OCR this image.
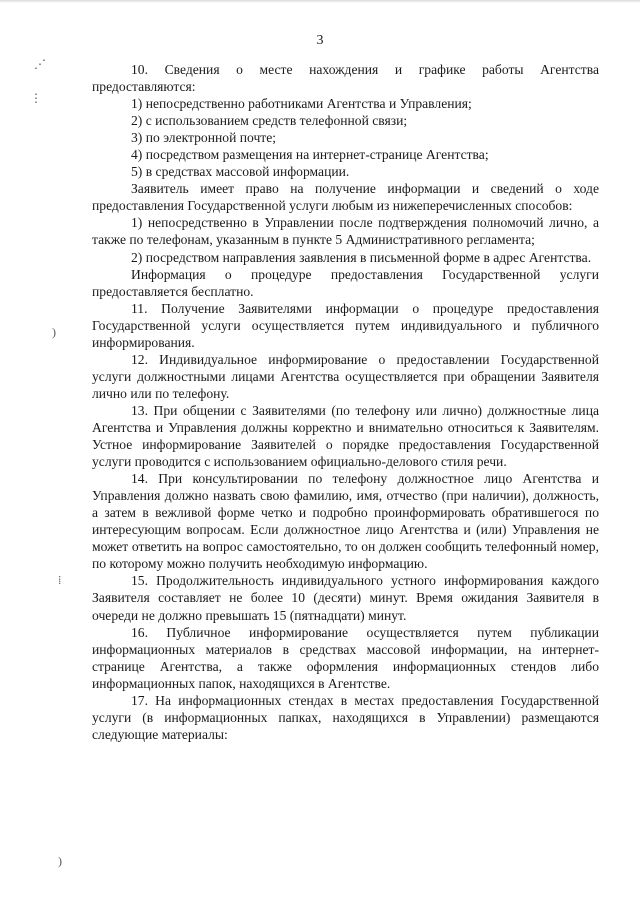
⋰
⋮
)
⁞
)
3

10. Сведения о месте нахождения и графике работы Агентства предоставляются:

1) непосредственно работниками Агентства и Управления;

2) с использованием средств телефонной связи;

3) по электронной почте;

4) посредством размещения на интернет-странице Агентства;

5) в средствах массовой информации.

Заявитель имеет право на получение информации и сведений о ходе предоставления Государственной услуги любым из нижеперечисленных способов:

1) непосредственно в Управлении после подтверждения полномочий лично, а также по телефонам, указанным в пункте 5 Административного регламента;

2) посредством направления заявления в письменной форме в адрес Агентства.

Информация о процедуре предоставления Государственной услуги предоставляется бесплатно.

11. Получение Заявителями информации о процедуре предоставления Государственной услуги осуществляется путем индивидуального и публичного информирования.

12. Индивидуальное информирование о предоставлении Государственной услуги должностными лицами Агентства осуществляется при обращении Заявителя лично или по телефону.

13. При общении с Заявителями (по телефону или лично) должностные лица Агентства и Управления должны корректно и внимательно относиться к Заявителям. Устное информирование Заявителей о порядке предоставления Государственной услуги проводится с использованием официально-делового стиля речи.

14. При консультировании по телефону должностное лицо Агентства и Управления должно назвать свою фамилию, имя, отчество (при наличии), должность, а затем в вежливой форме четко и подробно проинформировать обратившегося по интересующим вопросам. Если должностное лицо Агентства и (или) Управления не может ответить на вопрос самостоятельно, то он должен сообщить телефонный номер, по которому можно получить необходимую информацию.

15. Продолжительность индивидуального устного информирования каждого Заявителя составляет не более 10 (десяти) минут. Время ожидания Заявителя в очереди не должно превышать 15 (пятнадцати) минут.

16. Публичное информирование осуществляется путем публикации информационных материалов в средствах массовой информации, на интернет-странице Агентства, а также оформления информационных стендов либо информационных папок, находящихся в Агентстве.

17. На информационных стендах в местах предоставления Государственной услуги (в информационных папках, находящихся в Управлении) размещаются следующие материалы:
